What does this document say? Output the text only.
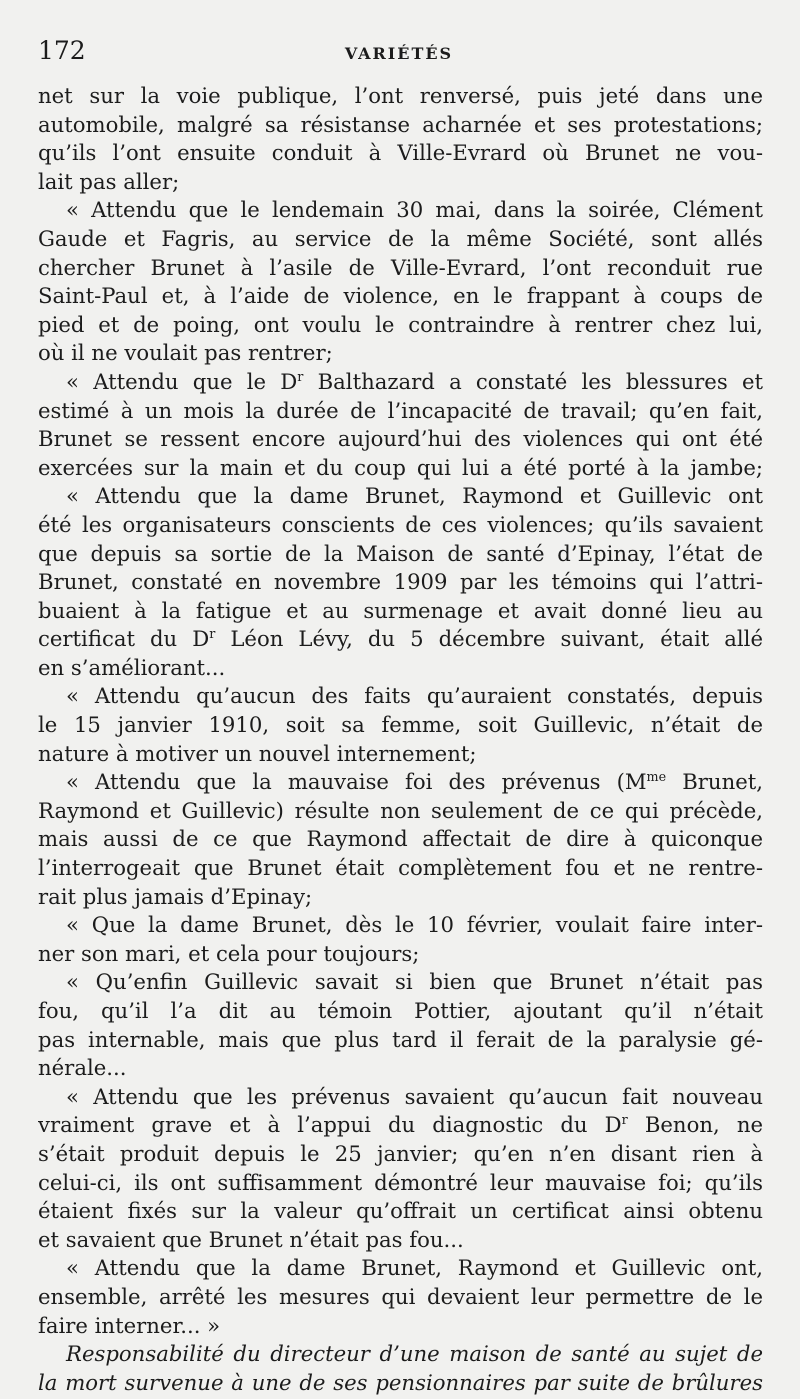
172	VARIÉTÉS
net sur la voie publique, l’ont renversé, puis jeté dans une
automobile, malgré sa résistanse acharnée et ses protestations;
qu’ils l’ont ensuite conduit à Ville-Evrard où Brunet ne vou-
lait pas aller;
« Attendu que le lendemain 30 mai, dans la soirée, Clément
Gaude et Fagris, au service de la même Société, sont allés
chercher Brunet à l’asile de Ville-Evrard, l’ont reconduit rue
Saint-Paul et, à l’aide de violence, en le frappant à coups de
pied et de poing, ont voulu le contraindre à rentrer chez lui,
où il ne voulait pas rentrer;
« Attendu que le $D^r$ Balthazard a constaté les blessures et
estimé à un mois la durée de l’incapacité de travail; qu’en fait,
Brunet se ressent encore aujourd’hui des violences qui ont été
exercées sur la main et du coup qui lui a été porté à la jambe;
« Attendu que la dame Brunet, Raymond et Guillevic ont
été les organisateurs conscients de ces violences; qu’ils savaient
que depuis sa sortie de la Maison de santé d’Epinay, l’état de
Brunet, constaté en novembre 1909 par les témoins qui l’attri-
buaient à la fatigue et au surmenage et avait donné lieu au
certificat du $D^r$ Léon Lévy, du 5 décembre suivant, était allé
en s’améliorant...
« Attendu qu’aucun des faits qu’auraient constatés, depuis
le 15 janvier 1910, soit sa femme, soit Guillevic, n’était de
nature à motiver un nouvel internement;
« Attendu que la mauvaise foi des prévenus ($M^{me}$ Brunet,
Raymond et Guillevic) résulte non seulement de ce qui précède,
mais aussi de ce que Raymond affectait de dire à quiconque
l’interrogeait que Brunet était complètement fou et ne rentre-
rait plus jamais d’Epinay;
« Que la dame Brunet, dès le 10 février, voulait faire inter-
ner son mari, et cela pour toujours;
« Qu’enfin Guillevic savait si bien que Brunet n’était pas
fou, qu’il l’a dit au témoin Pottier, ajoutant qu’il n’était
pas internable, mais que plus tard il ferait de la paralysie gé-
nérale...
« Attendu que les prévenus savaient qu’aucun fait nouveau
vraiment grave et à l’appui du diagnostic du $D^r$ Benon, ne
s’était produit depuis le 25 janvier; qu’en n’en disant rien à
celui-ci, ils ont suffisamment démontré leur mauvaise foi; qu’ils
étaient fixés sur la valeur qu’offrait un certificat ainsi obtenu
et savaient que Brunet n’était pas fou...
« Attendu que la dame Brunet, Raymond et Guillevic ont,
ensemble, arrêté les mesures qui devaient leur permettre de le
faire interner... »
Responsabilité du directeur d’une maison de santé au sujet de
la mort survenue à une de ses pensionnaires par suite de brûlures
